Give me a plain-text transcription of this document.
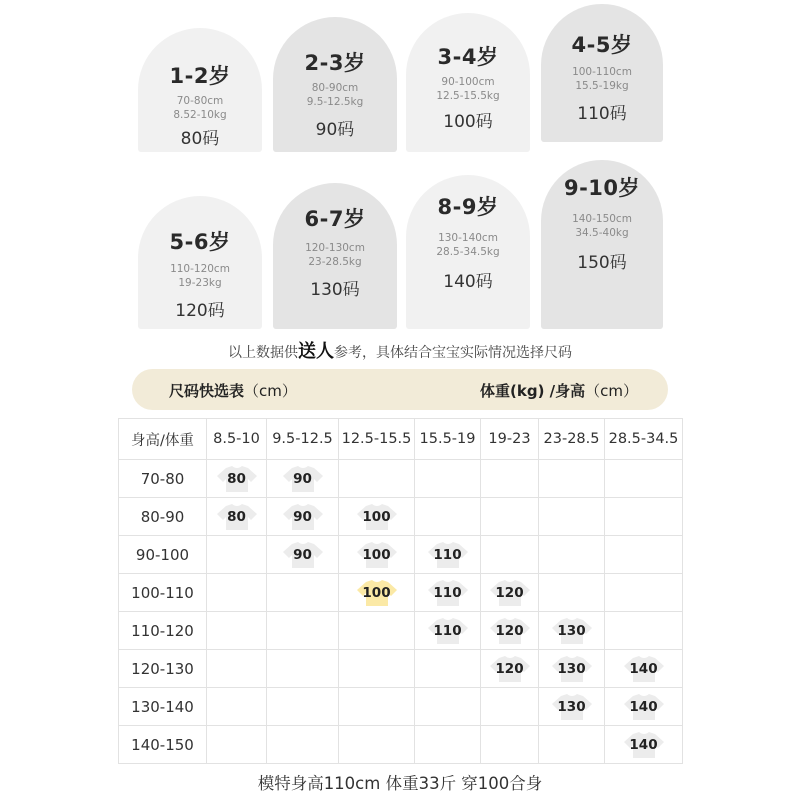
1-2岁
70-80cm
8.52-10kg
80码
2-3岁
80-90cm
9.5-12.5kg
90码
3-4岁
90-100cm
12.5-15.5kg
100码
4-5岁
100-110cm
15.5-19kg
110码
5-6岁
110-120cm
19-23kg
120码
6-7岁
120-130cm
23-28.5kg
130码
8-9岁
130-140cm
28.5-34.5kg
140码
9-10岁
140-150cm
34.5-40kg
150码
以上数据供送人参考，具体结合宝宝实际情况选择尺码
尺码快选表（cm）	体重(kg) /身高（cm）
身高/体重	8.5-10	9.5-12.5	12.5-15.5	15.5-19	19-23	23-28.5	28.5-34.5
70-80	80	90					
80-90	80	90	100				
90-100		90	100	110			
100-110			100	110	120		
110-120				110	120	130	
120-130					120	130	140
130-140						130	140
140-150							140
模特身高110cm 体重33斤 穿100合身
